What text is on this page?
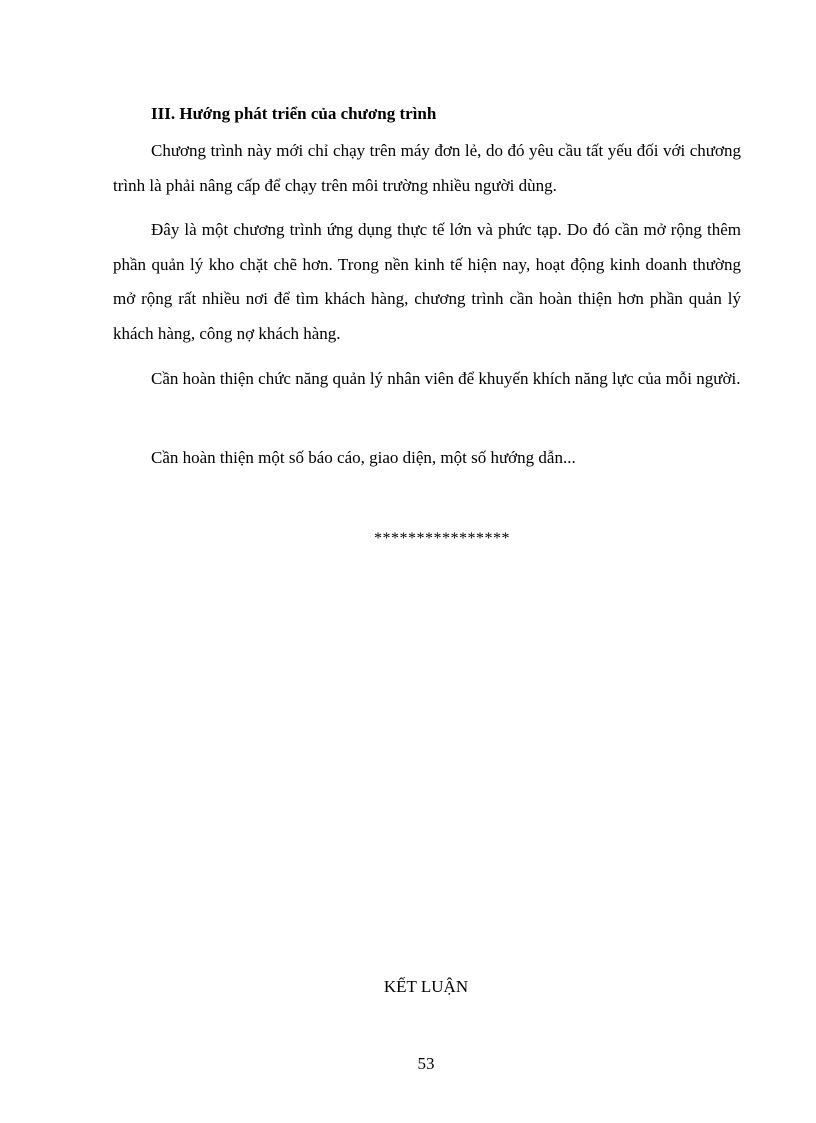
III. Hướng phát triển của chương trình

Chương trình này mới chỉ chạy trên máy đơn lẻ, do đó yêu cầu tất yếu đối với chương trình là phải nâng cấp để chạy trên môi trường nhiều người dùng.

Đây là một chương trình ứng dụng thực tế lớn và phức tạp. Do đó cần mở rộng thêm phần quản lý kho chặt chẽ hơn. Trong nền kinh tế hiện nay, hoạt động kinh doanh thường mở rộng rất nhiều nơi để tìm khách hàng, chương trình cần hoàn thiện hơn phần quản lý khách hàng, công nợ khách hàng.

Cần hoàn thiện chức năng quản lý nhân viên để khuyến khích năng lực của mỗi người.

Cần hoàn thiện một số báo cáo, giao diện, một số hướng dẫn...

****************
KẾT LUẬN
53
